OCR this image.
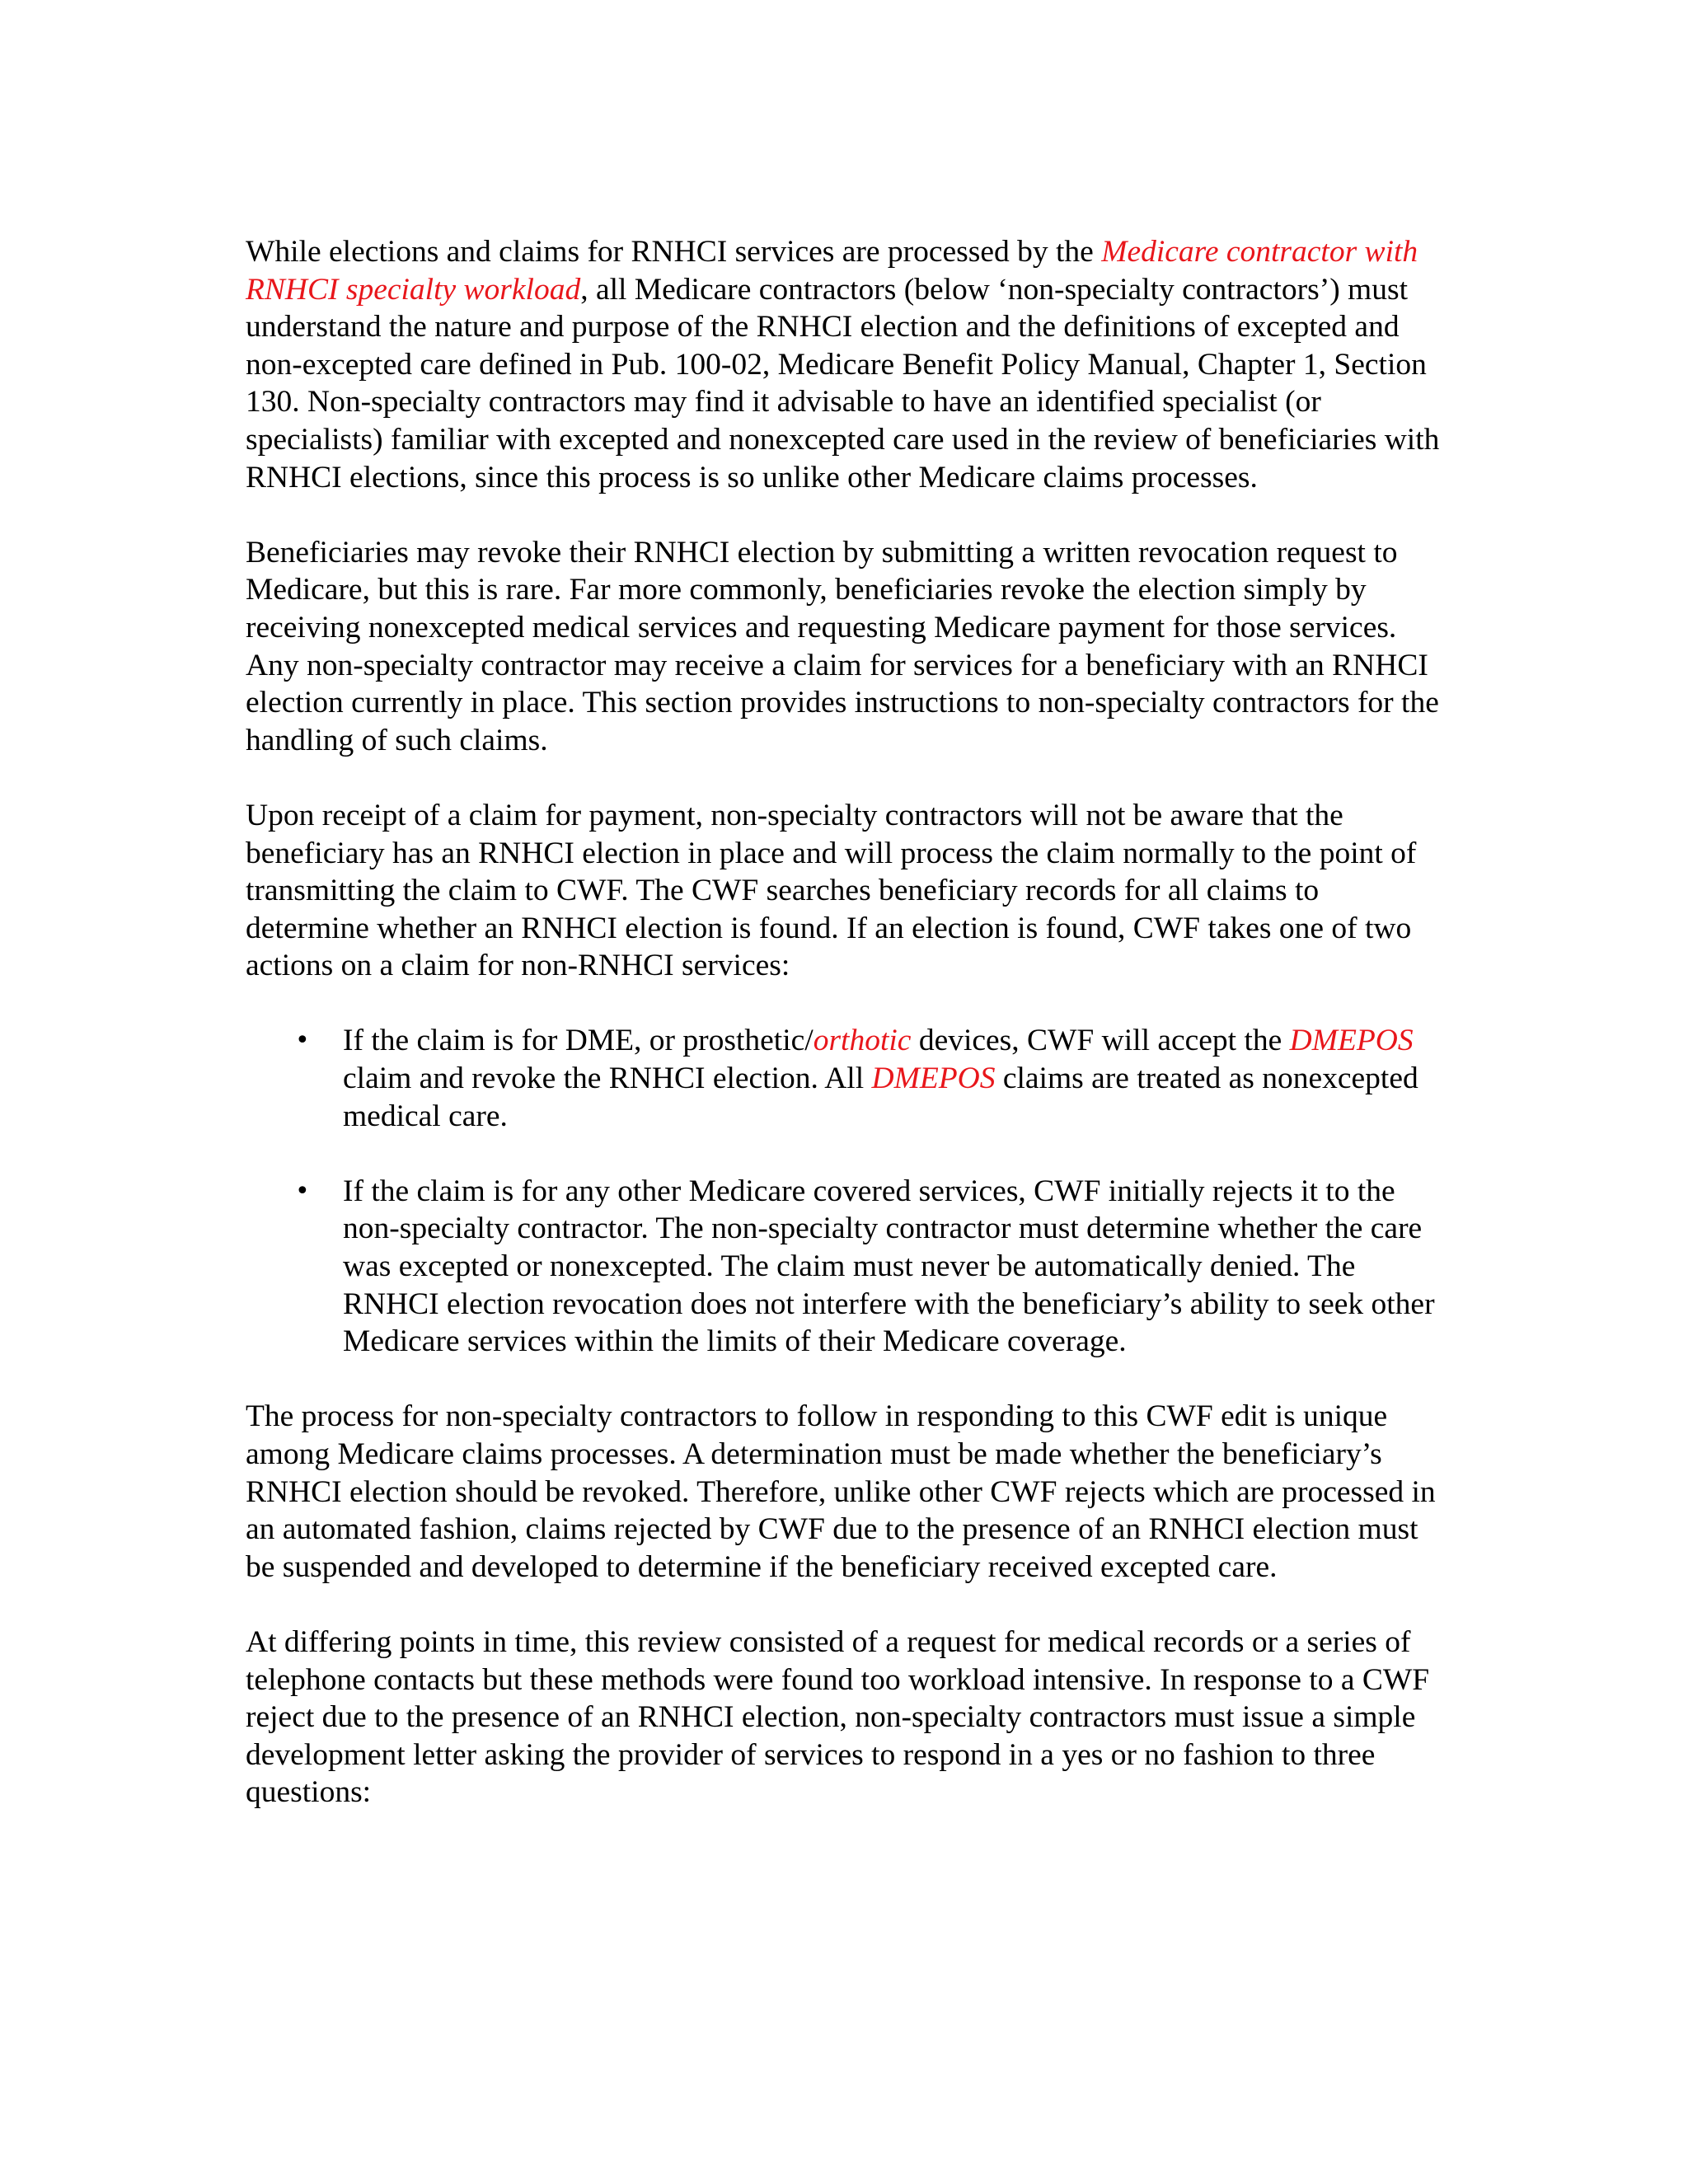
While elections and claims for RNHCI services are processed by the Medicare contractor with RNHCI specialty workload, all Medicare contractors (below ‘non-specialty contractors’) must understand the nature and purpose of the RNHCI election and the definitions of excepted and non-excepted care defined in Pub. 100-02, Medicare Benefit Policy Manual, Chapter 1, Section 130. Non-specialty contractors may find it advisable to have an identified specialist (or specialists) familiar with excepted and nonexcepted care used in the review of beneficiaries with RNHCI elections, since this process is so unlike other Medicare claims processes.

Beneficiaries may revoke their RNHCI election by submitting a written revocation request to Medicare, but this is rare. Far more commonly, beneficiaries revoke the election simply by receiving nonexcepted medical services and requesting Medicare payment for those services. Any non-specialty contractor may receive a claim for services for a beneficiary with an RNHCI election currently in place. This section provides instructions to non-specialty contractors for the handling of such claims.

Upon receipt of a claim for payment, non-specialty contractors will not be aware that the beneficiary has an RNHCI election in place and will process the claim normally to the point of transmitting the claim to CWF. The CWF searches beneficiary records for all claims to determine whether an RNHCI election is found. If an election is found, CWF takes one of two actions on a claim for non-RNHCI services:

• If the claim is for DME, or prosthetic/orthotic devices, CWF will accept the DMEPOS claim and revoke the RNHCI election. All DMEPOS claims are treated as nonexcepted medical care.
• If the claim is for any other Medicare covered services, CWF initially rejects it to the non-specialty contractor. The non-specialty contractor must determine whether the care was excepted or nonexcepted. The claim must never be automatically denied. The RNHCI election revocation does not interfere with the beneficiary’s ability to seek other Medicare services within the limits of their Medicare coverage.

The process for non-specialty contractors to follow in responding to this CWF edit is unique among Medicare claims processes. A determination must be made whether the beneficiary’s RNHCI election should be revoked. Therefore, unlike other CWF rejects which are processed in an automated fashion, claims rejected by CWF due to the presence of an RNHCI election must be suspended and developed to determine if the beneficiary received excepted care.

At differing points in time, this review consisted of a request for medical records or a series of telephone contacts but these methods were found too workload intensive. In response to a CWF reject due to the presence of an RNHCI election, non-specialty contractors must issue a simple development letter asking the provider of services to respond in a yes or no fashion to three questions:
